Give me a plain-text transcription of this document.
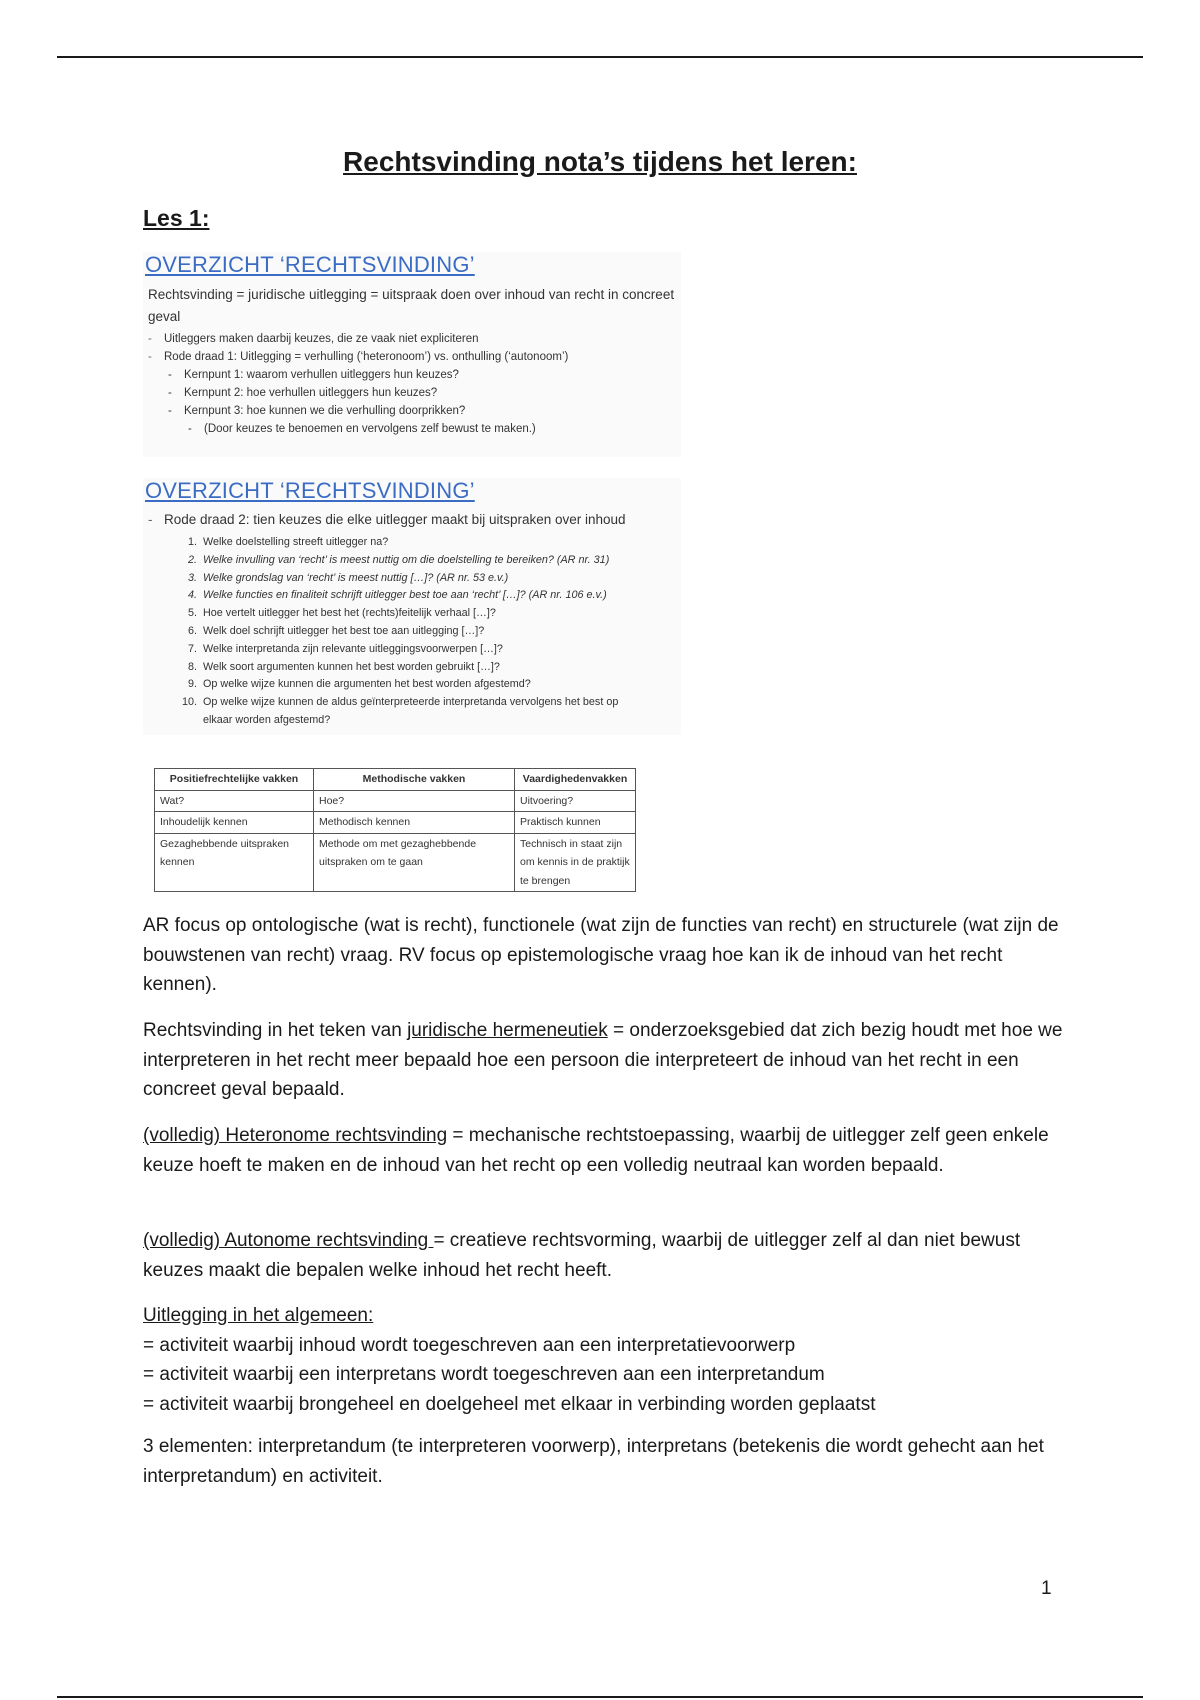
Rechtsvinding nota’s tijdens het leren:
Les 1:
OVERZICHT ‘RECHTSVINDING’
Rechtsvinding = juridische uitlegging = uitspraak doen over inhoud van recht in concreet geval
- Uitleggers maken daarbij keuzes, die ze vaak niet expliciteren
- Rode draad 1: Uitlegging = verhulling (‘heteronoom’) vs. onthulling (‘autonoom’)
- Kernpunt 1: waarom verhullen uitleggers hun keuzes?
- Kernpunt 2: hoe verhullen uitleggers hun keuzes?
- Kernpunt 3: hoe kunnen we die verhulling doorprikken?
- (Door keuzes te benoemen en vervolgens zelf bewust te maken.)
OVERZICHT ‘RECHTSVINDING’
- Rode draad 2: tien keuzes die elke uitlegger maakt bij uitspraken over inhoud
1. Welke doelstelling streeft uitlegger na?
2. Welke invulling van ‘recht’ is meest nuttig om die doelstelling te bereiken? (AR nr. 31)
3. Welke grondslag van ‘recht’ is meest nuttig […]? (AR nr. 53 e.v.)
4. Welke functies en finaliteit schrijft uitlegger best toe aan ‘recht’ […]? (AR nr. 106 e.v.)
5. Hoe vertelt uitlegger het best het (rechts)feitelijk verhaal […]?
6. Welk doel schrijft uitlegger het best toe aan uitlegging […]?
7. Welke interpretanda zijn relevante uitleggingsvoorwerpen […]?
8. Welk soort argumenten kunnen het best worden gebruikt […]?
9. Op welke wijze kunnen die argumenten het best worden afgestemd?
10. Op welke wijze kunnen de aldus geïnterpreteerde interpretanda vervolgens het best op
elkaar worden afgestemd?
Positiefrechtelijke vakken	Methodische vakken	Vaardighedenvakken
Wat?	Hoe?	Uitvoering?
Inhoudelijk kennen	Methodisch kennen	Praktisch kunnen
Gezaghebbende uitspraken kennen	Methode om met gezaghebbende uitspraken om te gaan	Technisch in staat zijn om kennis in de praktijk te brengen
AR focus op ontologische (wat is recht), functionele (wat zijn de functies van recht) en structurele (wat zijn de bouwstenen van recht) vraag. RV focus op epistemologische vraag hoe kan ik de inhoud van het recht kennen).
Rechtsvinding in het teken van juridische hermeneutiek = onderzoeksgebied dat zich bezig houdt met hoe we interpreteren in het recht meer bepaald hoe een persoon die interpreteert de inhoud van het recht in een concreet geval bepaald.
(volledig) Heteronome rechtsvinding = mechanische rechtstoepassing, waarbij de uitlegger zelf geen enkele keuze hoeft te maken en de inhoud van het recht op een volledig neutraal kan worden bepaald.
(volledig) Autonome rechtsvinding = creatieve rechtsvorming, waarbij de uitlegger zelf al dan niet bewust keuzes maakt die bepalen welke inhoud het recht heeft.
Uitlegging in het algemeen:
= activiteit waarbij inhoud wordt toegeschreven aan een interpretatievoorwerp
= activiteit waarbij een interpretans wordt toegeschreven aan een interpretandum
= activiteit waarbij brongeheel en doelgeheel met elkaar in verbinding worden geplaatst
3 elementen: interpretandum (te interpreteren voorwerp), interpretans (betekenis die wordt gehecht aan het interpretandum) en activiteit.
1
